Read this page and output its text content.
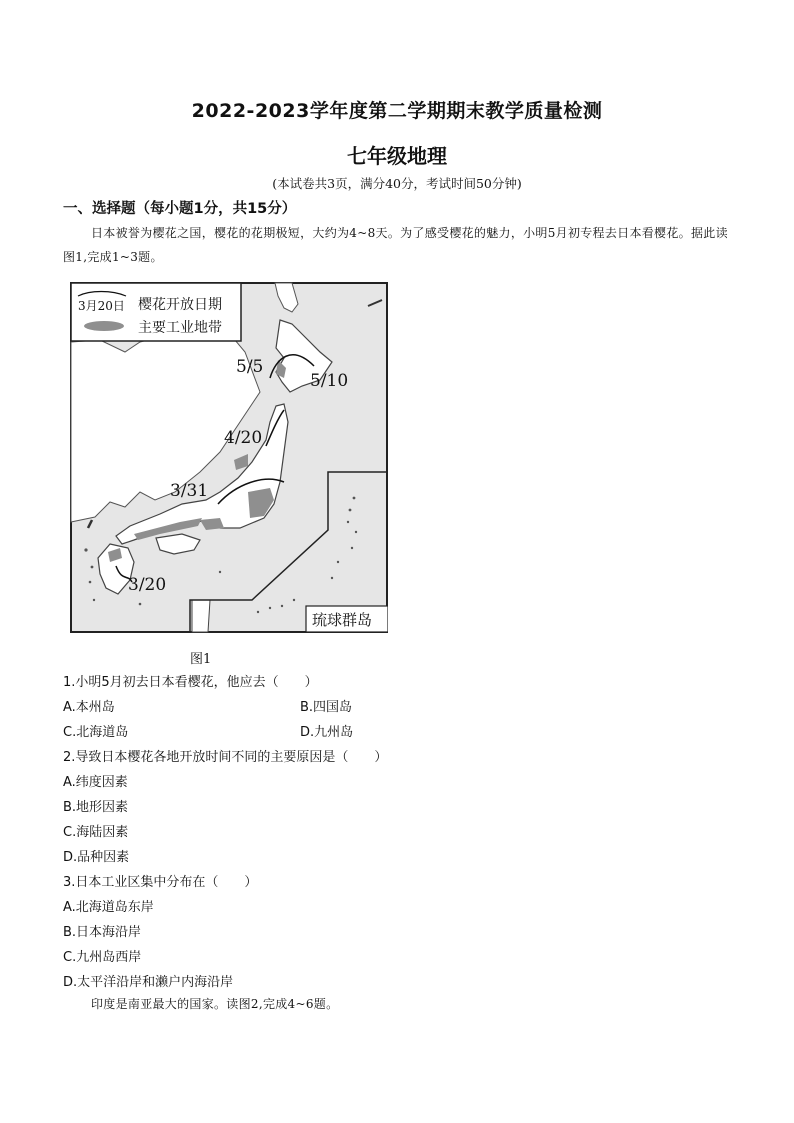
2022-2023学年度第二学期期末教学质量检测
七年级地理
(本试卷共3页，满分40分，考试时间50分钟)
一、选择题（每小题1分，共15分）
日本被誉为樱花之国，樱花的花期极短，大约为4~8天。为了感受樱花的魅力，小明5月初专程去日本看樱花。据此读图1,完成1~3题。
3月20日 樱花开放日期
主要工业地带
5/5
5/10
4/20
3/31
3/20
琉球群岛
图1
1.小明5月初去日本看樱花，他应去（　　）
A.本州岛	B.四国岛
C.北海道岛	D.九州岛
2.导致日本樱花各地开放时间不同的主要原因是（　　）
A.纬度因素
B.地形因素
C.海陆因素
D.品种因素
3.日本工业区集中分布在（　　）
A.北海道岛东岸
B.日本海沿岸
C.九州岛西岸
D.太平洋沿岸和濑户内海沿岸
印度是南亚最大的国家。读图2,完成4~6题。
